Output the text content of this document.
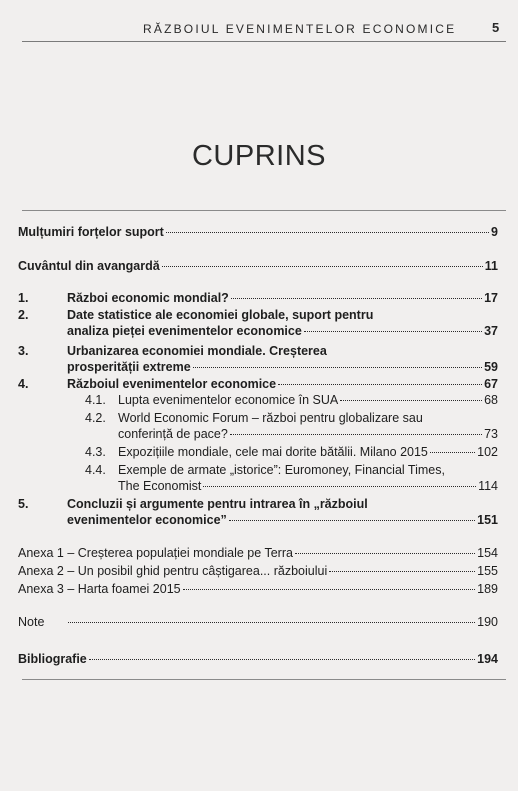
RĂZBOIUL EVENIMENTELOR ECONOMICE	5
CUPRINS
Mulțumiri forțelor suport	9
Cuvântul din avangardă	11
1.	Război economic mondial?	17
2.	Date statistice ale economiei globale, suport pentru
analiza pieței evenimentelor economice	37
3.	Urbanizarea economiei mondiale. Creșterea
prosperității extreme	59
4.	Războiul evenimentelor economice	67
4.1. Lupta evenimentelor economice în SUA	68
4.2. World Economic Forum – război pentru globalizare sau
conferință de pace?	73
4.3. Expozițiile mondiale, cele mai dorite bătălii. Milano 2015	102
4.4. Exemple de armate „istorice”: Euromoney, Financial Times,
The Economist	114
5.	Concluzii și argumente pentru intrarea în „războiul
evenimentelor economice”	151
Anexa 1 – Creșterea populației mondiale pe Terra	154
Anexa 2 – Un posibil ghid pentru câștigarea... războiului	155
Anexa 3 – Harta foamei 2015	189
Note	190
Bibliografie	194
